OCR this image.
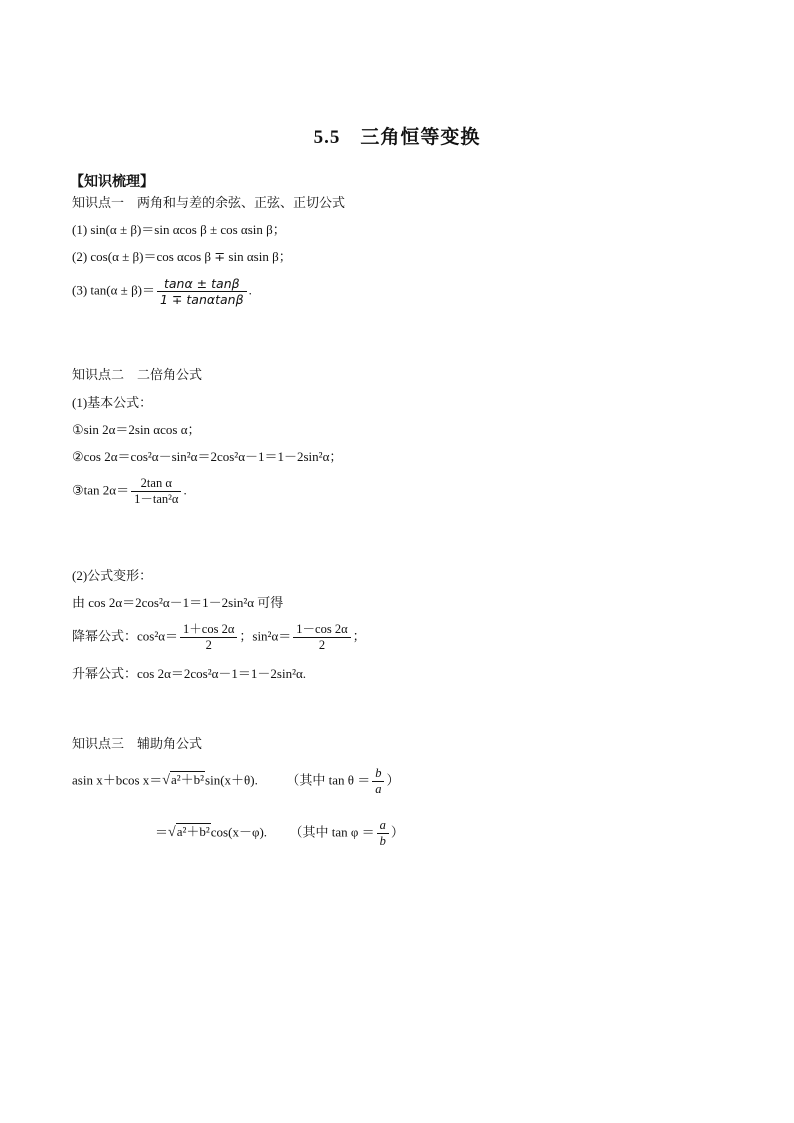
5.5　三角恒等变换
【知识梳理】
知识点一　两角和与差的余弦、正弦、正切公式
(1) sin(α ± β)＝sin αcos β ± cos αsin β；
(2) cos(α ± β)＝cos αcos β ∓ sin αsin β；
(3) $\tan(\alpha \pm \beta)= \frac{\tan\alpha \pm \tan\beta}{1 \mp \tan\alpha\tan\beta}$ .
知识点二　二倍角公式
(1)基本公式：
①sin 2α＝2sin αcos α；
②cos 2α＝cos²α－sin²α＝2cos²α－1＝1－2sin²α；
③tan $2\alpha= \frac{\text{2tan α}}{\text{1－tan²α}}$ .
(2)公式变形：
由 cos 2α＝2cos²α－1＝1－2sin²α 可得
降幂公式：$\cos^2\alpha= \frac{1+\cos 2\alpha}{2}$ ；$\sin^2\alpha= \frac{1-\cos 2\alpha}{2}$ ；
升幂公式：cos 2α＝2cos²α－1＝1－2sin²α.
知识点三　辅助角公式
asin x＋bcos x＝√a²＋b²sin(x＋θ). （其中 $\tan \theta = \frac{b}{a}$ ）
＝√a²＋b²cos(x－φ). （其中 $\tan \varphi = \frac{a}{b}$ ）
